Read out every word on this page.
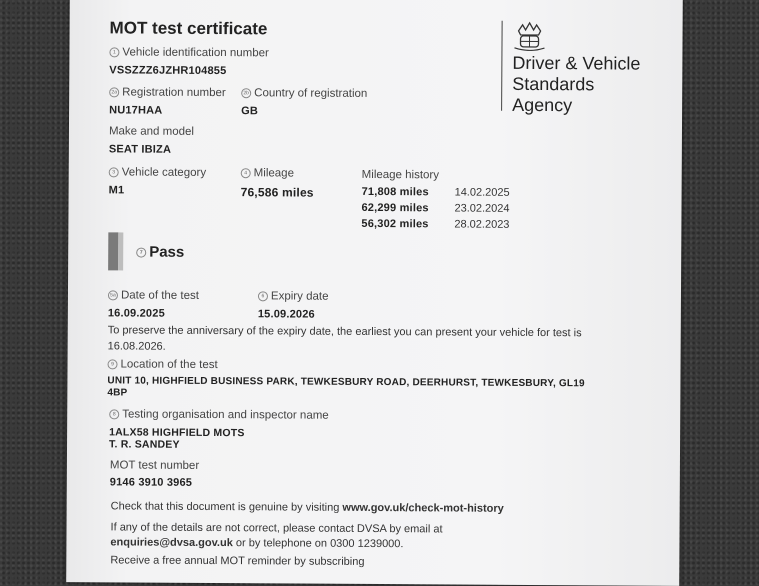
MOT test certificate
1 Vehicle identification number
VSSZZZ6JZHR104855
2a Registration number
NU17HAA
2b Country of registration
GB
Make and model
SEAT IBIZA
3 Vehicle category
M1
4 Mileage
76,586 miles
Mileage history
71,808 miles 14.02.2025
62,299 miles 23.02.2024
56,302 miles 28.02.2023
Driver & Vehicle
Standards
Agency
7 Pass
5a Date of the test
16.09.2025
6 Expiry date
15.09.2026
To preserve the anniversary of the expiry date, the earliest you can present your vehicle for test is
16.08.2026.
9 Location of the test
UNIT 10, HIGHFIELD BUSINESS PARK, TEWKESBURY ROAD, DEERHURST, TEWKESBURY, GL19
4BP
8 Testing organisation and inspector name
1ALX58 HIGHFIELD MOTS
T. R. SANDEY
MOT test number
9146 3910 3965
Check that this document is genuine by visiting www.gov.uk/check-mot-history
If any of the details are not correct, please contact DVSA by email at
enquiries@dvsa.gov.uk or by telephone on 0300 1239000.
Receive a free annual MOT reminder by subscribing
